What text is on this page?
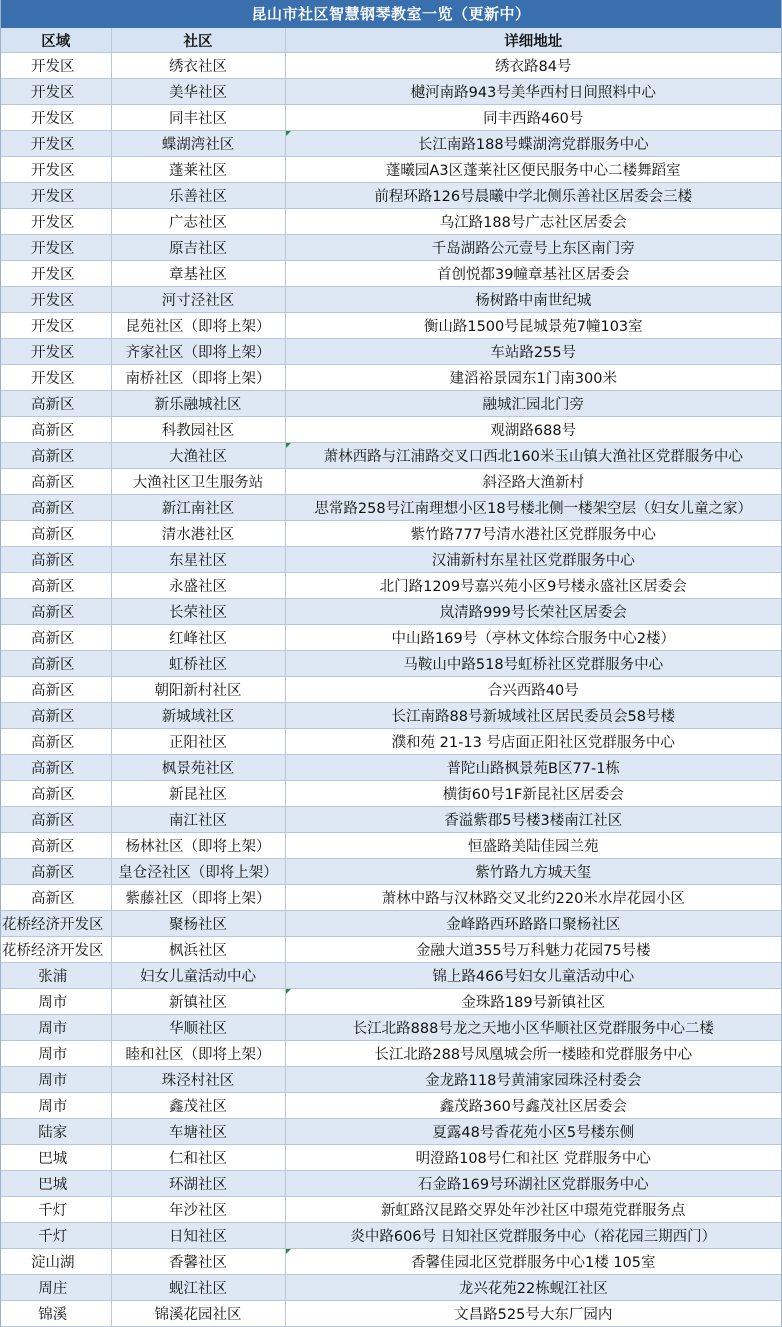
昆山市社区智慧钢琴教室一览（更新中）
区域	社区	详细地址
开发区	绣衣社区	绣衣路84号
开发区	美华社区	樾河南路943号美华西村日间照料中心
开发区	同丰社区	同丰西路460号
开发区	蝶湖湾社区	长江南路188号蝶湖湾党群服务中心

开发区	蓬莱社区	蓬曦园A3区蓬莱社区便民服务中心二楼舞蹈室
开发区	乐善社区	前程环路126号晨曦中学北侧乐善社区居委会三楼
开发区	广志社区	乌江路188号广志社区居委会
开发区	原吉社区	千岛湖路公元壹号上东区南门旁
开发区	章基社区	首创悦都39幢章基社区居委会
开发区	河寸泾社区	杨树路中南世纪城
开发区	昆苑社区（即将上架）	衡山路1500号昆城景苑7幢103室
开发区	齐家社区（即将上架）	车站路255号
开发区	南桥社区（即将上架）	建滔裕景园东1门南300米
高新区	新乐融城社区	融城汇园北门旁
高新区	科教园社区	观湖路688号
高新区	大渔社区	萧林西路与江浦路交叉口西北160米玉山镇大渔社区党群服务中心

高新区	大渔社区卫生服务站	斜泾路大渔新村
高新区	新江南社区	思常路258号江南理想小区18号楼北侧一楼架空层（妇女儿童之家）
高新区	清水港社区	紫竹路777号清水港社区党群服务中心
高新区	东星社区	汉浦新村东星社区党群服务中心
高新区	永盛社区	北门路1209号嘉兴苑小区9号楼永盛社区居委会
高新区	长荣社区	岚清路999号长荣社区居委会
高新区	红峰社区	中山路169号（亭林文体综合服务中心2楼）
高新区	虹桥社区	马鞍山中路518号虹桥社区党群服务中心
高新区	朝阳新村社区	合兴西路40号
高新区	新城域社区	长江南路88号新城域社区居民委员会58号楼
高新区	正阳社区	濮和苑 21-13 号店面正阳社区党群服务中心
高新区	枫景苑社区	普陀山路枫景苑B区77-1栋
高新区	新昆社区	横街60号1F新昆社区居委会
高新区	南江社区	香溢紫郡5号楼3楼南江社区
高新区	杨林社区（即将上架）	恒盛路美陆佳园兰苑
高新区	皇仓泾社区（即将上架）	紫竹路九方城天玺
高新区	紫藤社区（即将上架）	萧林中路与汉林路交叉北约220米水岸花园小区
花桥经济开发区	聚杨社区	金峰路西环路路口聚杨社区
花桥经济开发区	枫浜社区	金融大道355号万科魅力花园75号楼
张浦	妇女儿童活动中心	锦上路466号妇女儿童活动中心
周市	新镇社区	金珠路189号新镇社区

周市	华顺社区	长江北路888号龙之天地小区华顺社区党群服务中心二楼
周市	睦和社区（即将上架）	长江北路288号凤凰城会所一楼睦和党群服务中心
周市	珠泾村社区	金龙路118号黄浦家园珠泾村委会
周市	鑫茂社区	鑫茂路360号鑫茂社区居委会
陆家	车塘社区	夏露48号香花苑小区5号楼东侧
巴城	仁和社区	明澄路108号仁和社区 党群服务中心
巴城	环湖社区	石金路169号环湖社区党群服务中心
千灯	年沙社区	新虹路汉昆路交界处年沙社区中璟苑党群服务点
千灯	日知社区	炎中路606号 日知社区党群服务中心（裕花园三期西门）
淀山湖	香馨社区	香馨佳园北区党群服务中心1楼 105室

周庄	蚬江社区	龙兴花苑22栋蚬江社区
锦溪	锦溪花园社区	文昌路525号大东厂园内
